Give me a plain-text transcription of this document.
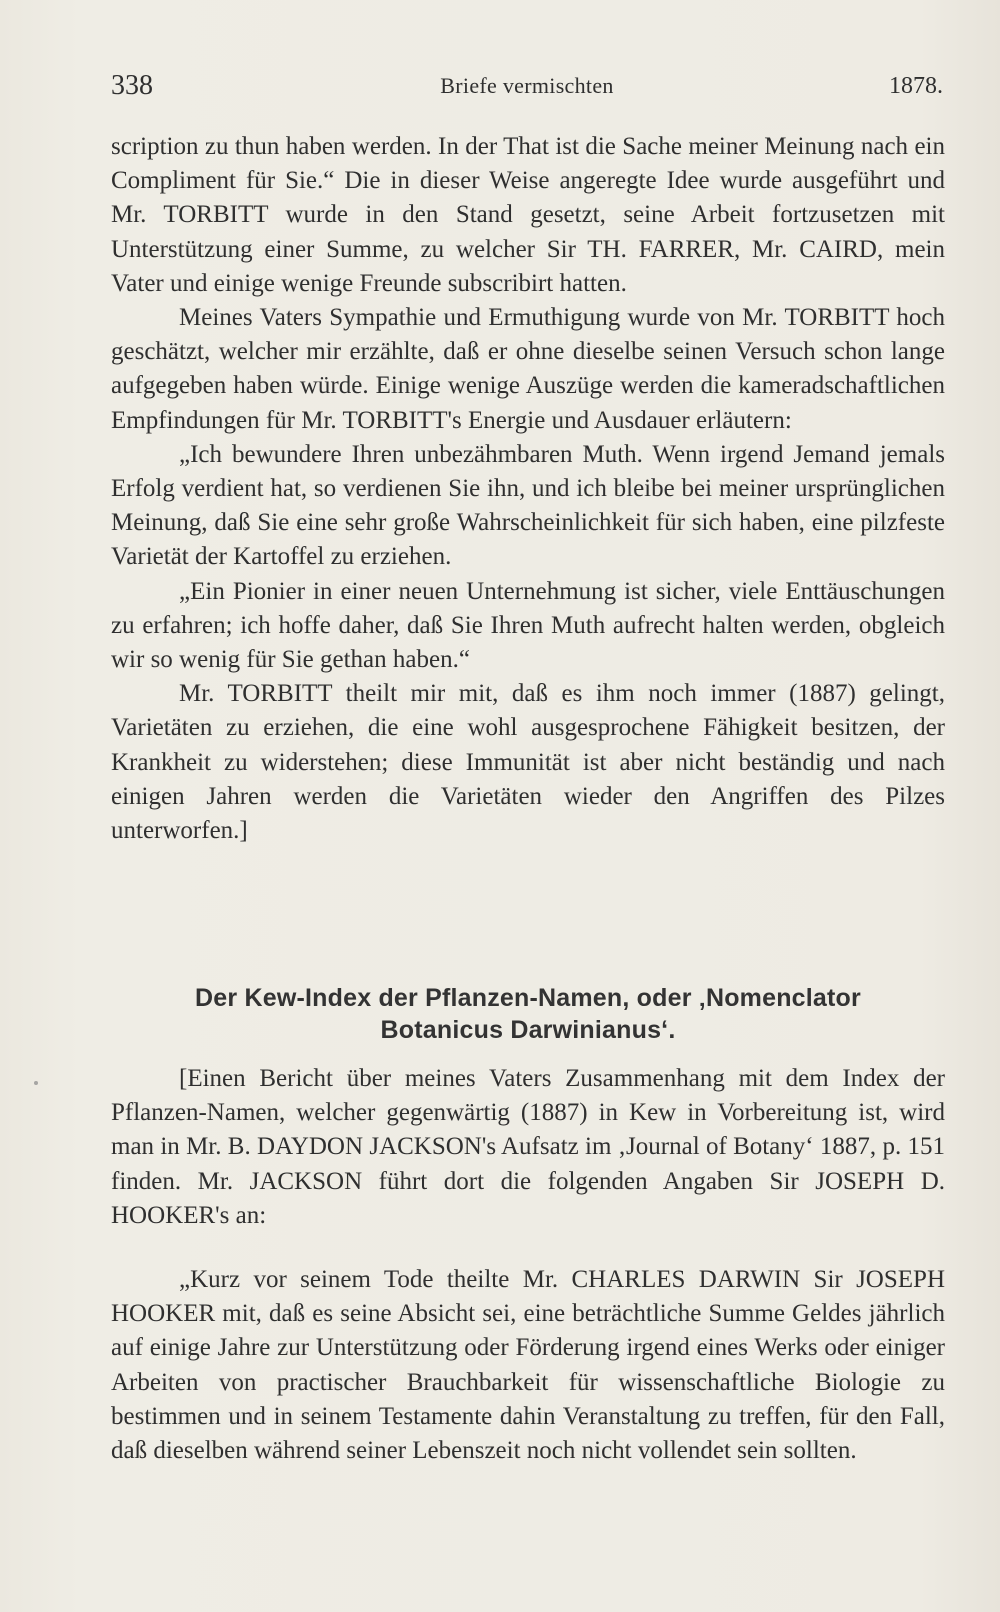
338	Briefe vermischten	1878.

scription zu thun haben werden. In der That ist die Sache meiner Meinung nach ein Compliment für Sie.“ Die in dieser Weise angeregte Idee wurde ausgeführt und Mr. TORBITT wurde in den Stand gesetzt, seine Arbeit fortzusetzen mit Unterstützung einer Summe, zu welcher Sir TH. FARRER, Mr. CAIRD, mein Vater und einige wenige Freunde subscribirt hatten.

Meines Vaters Sympathie und Ermuthigung wurde von Mr. TORBITT hoch geschätzt, welcher mir erzählte, daß er ohne dieselbe seinen Versuch schon lange aufgegeben haben würde. Einige wenige Auszüge werden die kameradschaftlichen Empfindungen für Mr. TORBITT's Energie und Ausdauer erläutern:

„Ich bewundere Ihren unbezähmbaren Muth. Wenn irgend Jemand jemals Erfolg verdient hat, so verdienen Sie ihn, und ich bleibe bei meiner ursprünglichen Meinung, daß Sie eine sehr große Wahrscheinlichkeit für sich haben, eine pilzfeste Varietät der Kartoffel zu erziehen.

„Ein Pionier in einer neuen Unternehmung ist sicher, viele Enttäuschungen zu erfahren; ich hoffe daher, daß Sie Ihren Muth aufrecht halten werden, obgleich wir so wenig für Sie gethan haben.“

Mr. TORBITT theilt mir mit, daß es ihm noch immer (1887) gelingt, Varietäten zu erziehen, die eine wohl ausgesprochene Fähigkeit besitzen, der Krankheit zu widerstehen; diese Immunität ist aber nicht beständig und nach einigen Jahren werden die Varietäten wieder den Angriffen des Pilzes unterworfen.]

Der Kew-Index der Pflanzen-Namen, oder ‚Nomenclator
Botanicus Darwinianus‘.

[Einen Bericht über meines Vaters Zusammenhang mit dem Index der Pflanzen-Namen, welcher gegenwärtig (1887) in Kew in Vorbereitung ist, wird man in Mr. B. DAYDON JACKSON's Aufsatz im ‚Journal of Botany‘ 1887, p. 151 finden. Mr. JACKSON führt dort die folgenden Angaben Sir JOSEPH D. HOOKER's an:

„Kurz vor seinem Tode theilte Mr. CHARLES DARWIN Sir JOSEPH HOOKER mit, daß es seine Absicht sei, eine beträchtliche Summe Geldes jährlich auf einige Jahre zur Unterstützung oder Förderung irgend eines Werks oder einiger Arbeiten von practischer Brauchbarkeit für wissenschaftliche Biologie zu bestimmen und in seinem Testamente dahin Veranstaltung zu treffen, für den Fall, daß dieselben während seiner Lebenszeit noch nicht vollendet sein sollten.
